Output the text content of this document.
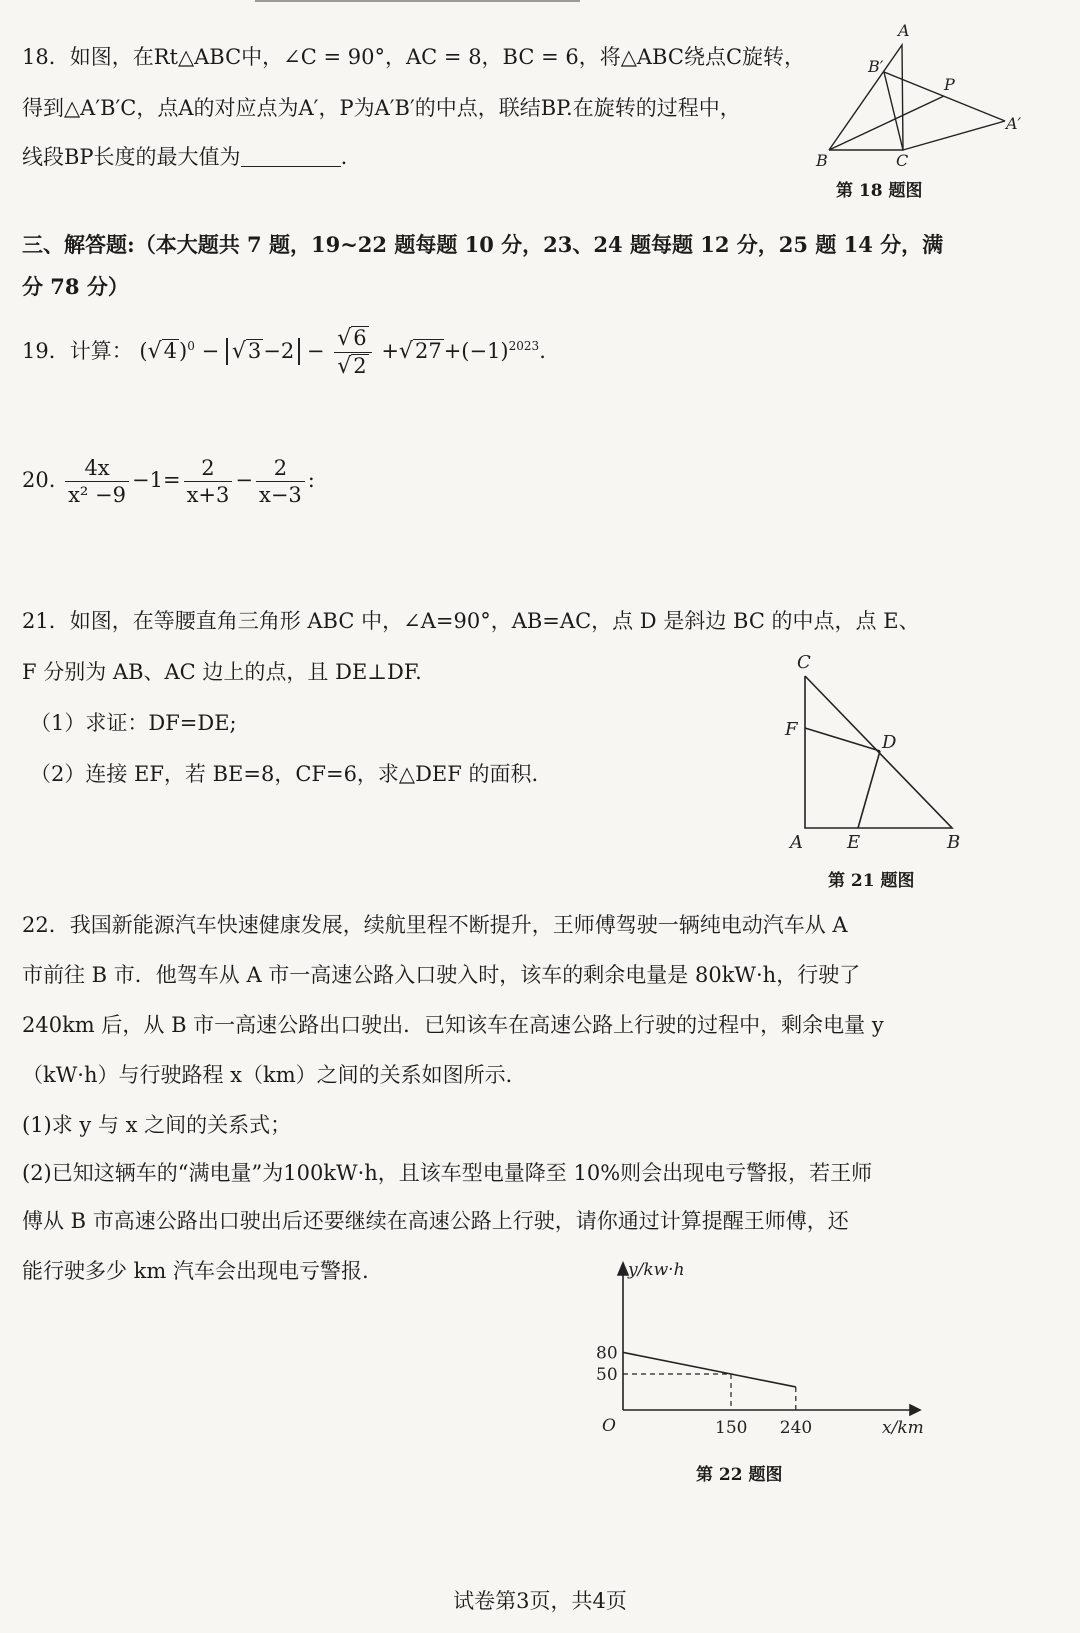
18．如图，在Rt△ABC中，∠C = 90°，AC = 8，BC = 6，将△ABC绕点C旋转，
得到△A′B′C，点A的对应点为A′，P为A′B′的中点，联结BP.在旋转的过程中，
线段BP长度的最大值为	.
A
B′
P
A′
B	C
第 18 题图
三、解答题:（本大题共 7 题，19~22 题每题 10 分，23、24 题每题 12 分，25 题 14 分，满
分 78 分）
19．计算： $(√4)^0 - √3-2 - \frac{√6}{√2} +√27+(-1)^{2023}$.
20. $\frac{4x}{\text{x² −9}} -1= \frac{2}{x+3} - \frac{2}{x-3}$ :
21．如图，在等腰直角三角形 ABC 中，∠A=90°，AB=AC，点 D 是斜边 BC 的中点，点 E、
F 分别为 AB、AC 边上的点，且 DE⊥DF.
（1）求证：DF=DE;
（2）连接 EF，若 BE=8，CF=6，求△DEF 的面积.
C
F
D
A E	B
第 21 题图
22．我国新能源汽车快速健康发展，续航里程不断提升，王师傅驾驶一辆纯电动汽车从 A
市前往 B 市．他驾车从 A 市一高速公路入口驶入时，该车的剩余电量是 80kW·h，行驶了
240km 后，从 B 市一高速公路出口驶出．已知该车在高速公路上行驶的过程中，剩余电量 y
（kW·h）与行驶路程 x（km）之间的关系如图所示．
(1)求 y 与 x 之间的关系式；
(2)已知这辆车的“满电量”为100kW·h，且该车型电量降至 10%则会出现电亏警报，若王师
傅从 B 市高速公路出口驶出后还要继续在高速公路上行驶，请你通过计算提醒王师傅，还
能行驶多少 km 汽车会出现电亏警报.
150 240
80
50
y/kw·h
x/km
O
第 22 题图
试卷第3页，共4页
